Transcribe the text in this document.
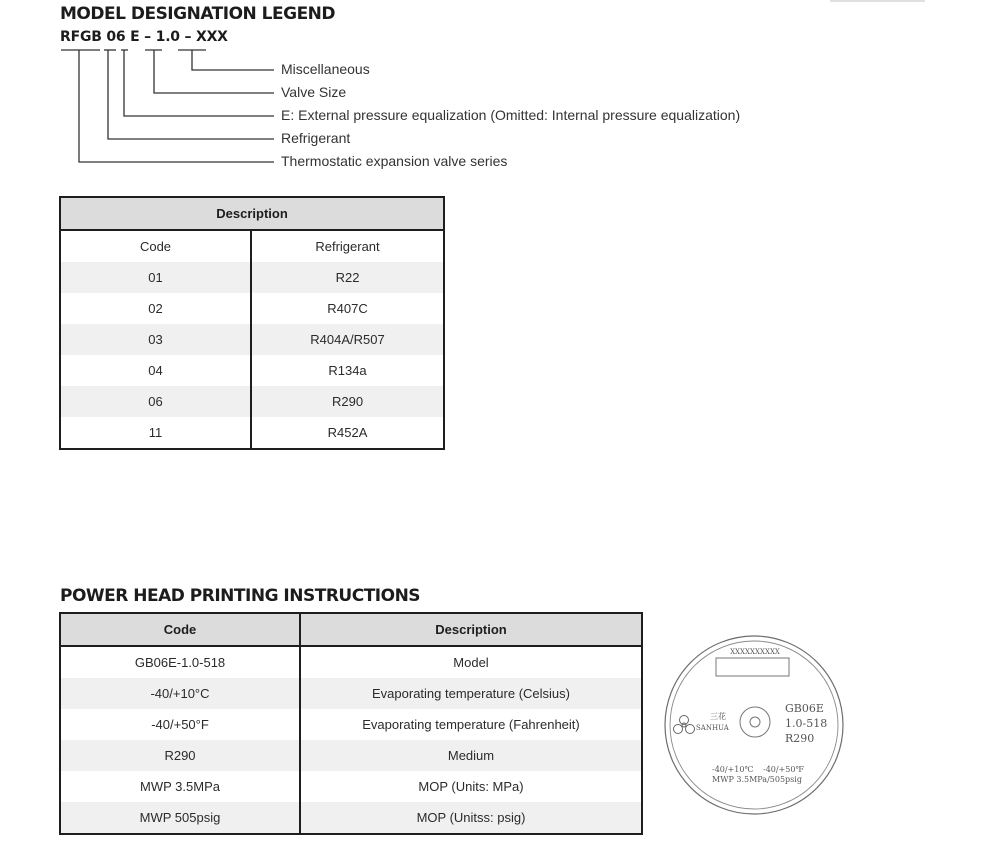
MODEL DESIGNATION LEGEND
RFGB 06 E – 1.0 – XXX
Miscellaneous
Valve Size
E: External pressure equalization (Omitted: Internal pressure equalization)
Refrigerant
Thermostatic expansion valve series
Description	
Code	Refrigerant
01	R22
02	R407C
03	R404A/R507
04	R134a
06	R290
11	R452A
POWER HEAD PRINTING INSTRUCTIONS
Code	Description
GB06E-1.0-518	Model
-40/+10°C	Evaporating temperature (Celsius)
-40/+50°F	Evaporating temperature (Fahrenheit)
R290	Medium
MWP 3.5MPa	MOP (Units: MPa)
MWP 505psig	MOP (Unitss: psig)
XXXXXXXXXX
三花
SANHUA
GB06E
1.0-518
R290
-40/+10℃ -40/+50℉
MWP 3.5MPa/505psig
